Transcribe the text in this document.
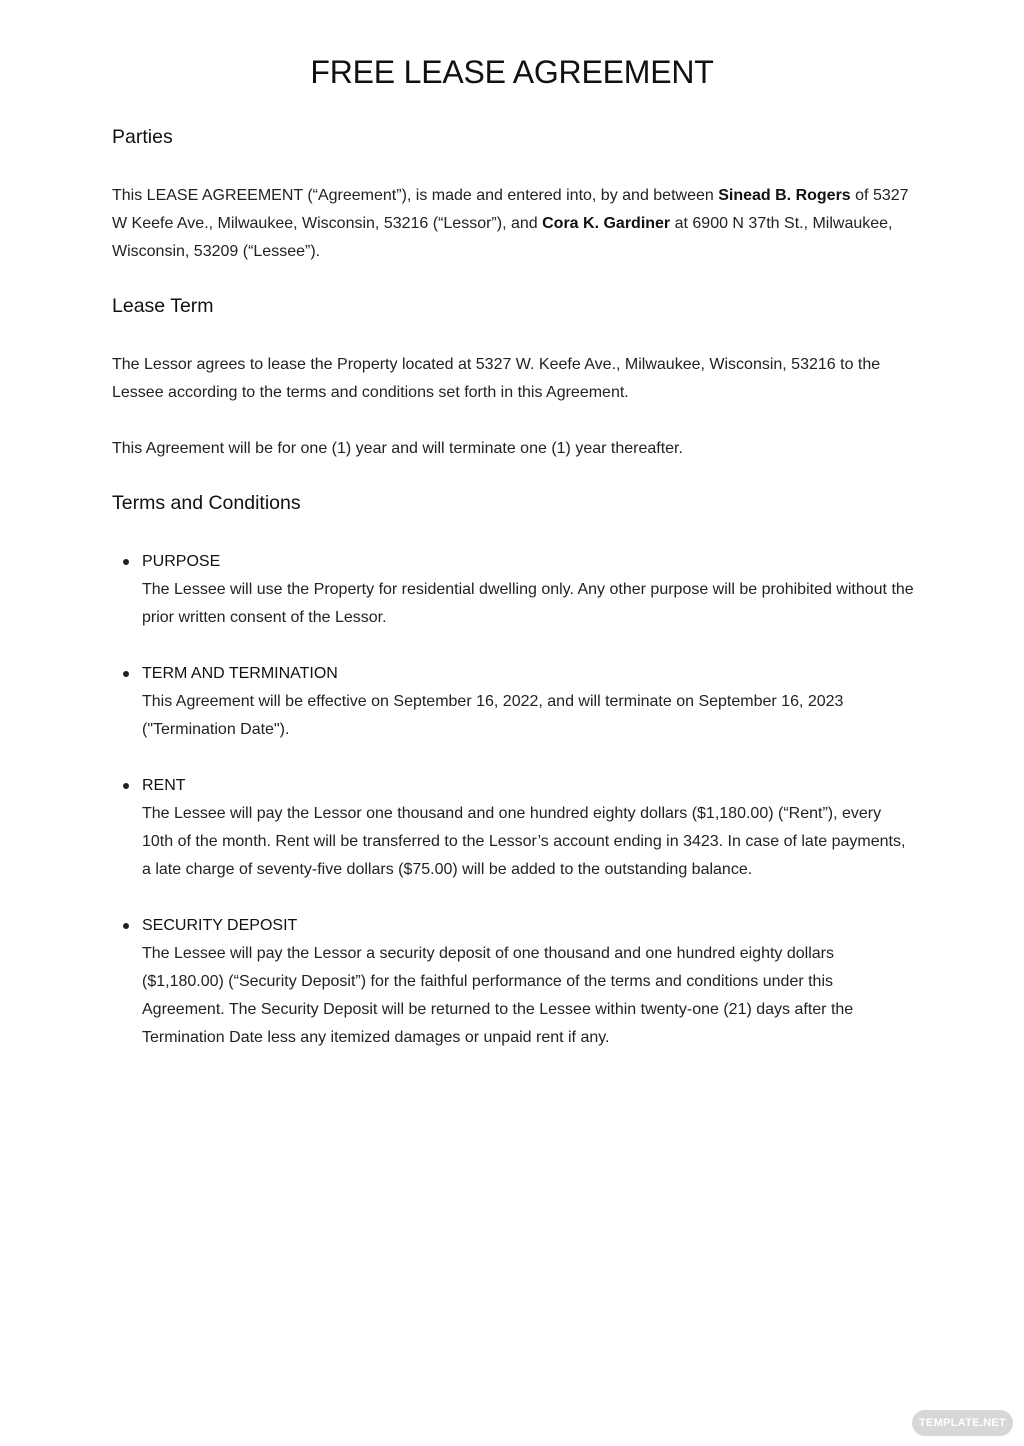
FREE LEASE AGREEMENT
Parties

This LEASE AGREEMENT (“Agreement”), is made and entered into, by and between Sinead B. Rogers of 5327 W Keefe Ave., Milwaukee, Wisconsin, 53216 (“Lessor”), and Cora K. Gardiner at 6900 N 37th St., Milwaukee, Wisconsin, 53209 (“Lessee”).

Lease Term

The Lessor agrees to lease the Property located at 5327 W. Keefe Ave., Milwaukee, Wisconsin, 53216 to the Lessee according to the terms and conditions set forth in this Agreement.

This Agreement will be for one (1) year and will terminate one (1) year thereafter.

Terms and Conditions
PURPOSE
The Lessee will use the Property for residential dwelling only. Any other purpose will be prohibited without the prior written consent of the Lessor.
TERM AND TERMINATION
This Agreement will be effective on September 16, 2022, and will terminate on September 16, 2023 ("Termination Date").
RENT
The Lessee will pay the Lessor one thousand and one hundred eighty dollars ($1,180.00) (“Rent”), every 10th of the month. Rent will be transferred to the Lessor’s account ending in 3423. In case of late payments, a late charge of seventy-five dollars ($75.00) will be added to the outstanding balance.
SECURITY DEPOSIT
The Lessee will pay the Lessor a security deposit of one thousand and one hundred eighty dollars ($1,180.00) (“Security Deposit”) for the faithful performance of the terms and conditions under this Agreement. The Security Deposit will be returned to the Lessee within twenty-one (21) days after the Termination Date less any itemized damages or unpaid rent if any.
TEMPLATE.NET
